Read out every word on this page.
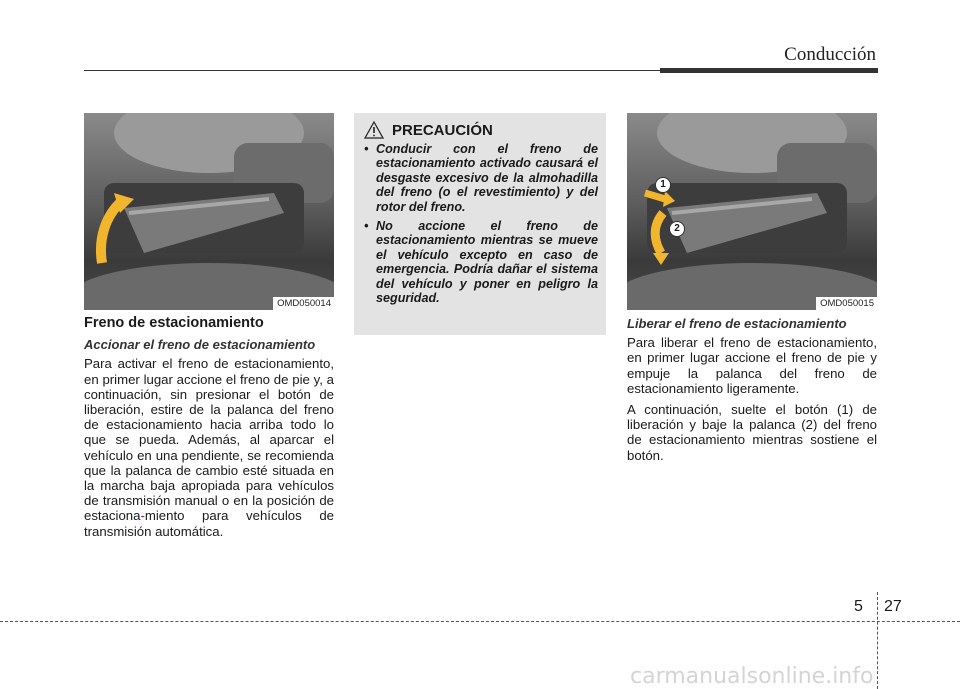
Conducción
OMD050014
Freno de estacionamiento
Accionar el freno de estacionamiento

Para activar el freno de estacionamiento, en primer lugar accione el freno de pie y, a continuación, sin presionar el botón de liberación, estire de la palanca del freno de estacionamiento hacia arriba todo lo que se pueda. Además, al aparcar el vehículo en una pendiente, se recomienda que la palanca de cambio esté situada en la marcha baja apropiada para vehículos de transmisión manual o en la posición de estaciona-miento para vehículos de transmisión automática.

PRECAUCIÓN
• Conducir con el freno de estacionamiento activado causará el desgaste excesivo de la almohadilla del freno (o el revestimiento) y del rotor del freno.
• No accione el freno de estacionamiento mientras se mueve el vehículo excepto en caso de emergencia. Podría dañar el sistema del vehículo y poner en peligro la seguridad.
1
2
OMD050015
Liberar el freno de estacionamiento

Para liberar el freno de estacionamiento, en primer lugar accione el freno de pie y empuje la palanca del freno de estacionamiento ligeramente.

A continuación, suelte el botón (1) de liberación y baje la palanca (2) del freno de estacionamiento mientras sostiene el botón.

5 27
carmanualsonline.info
